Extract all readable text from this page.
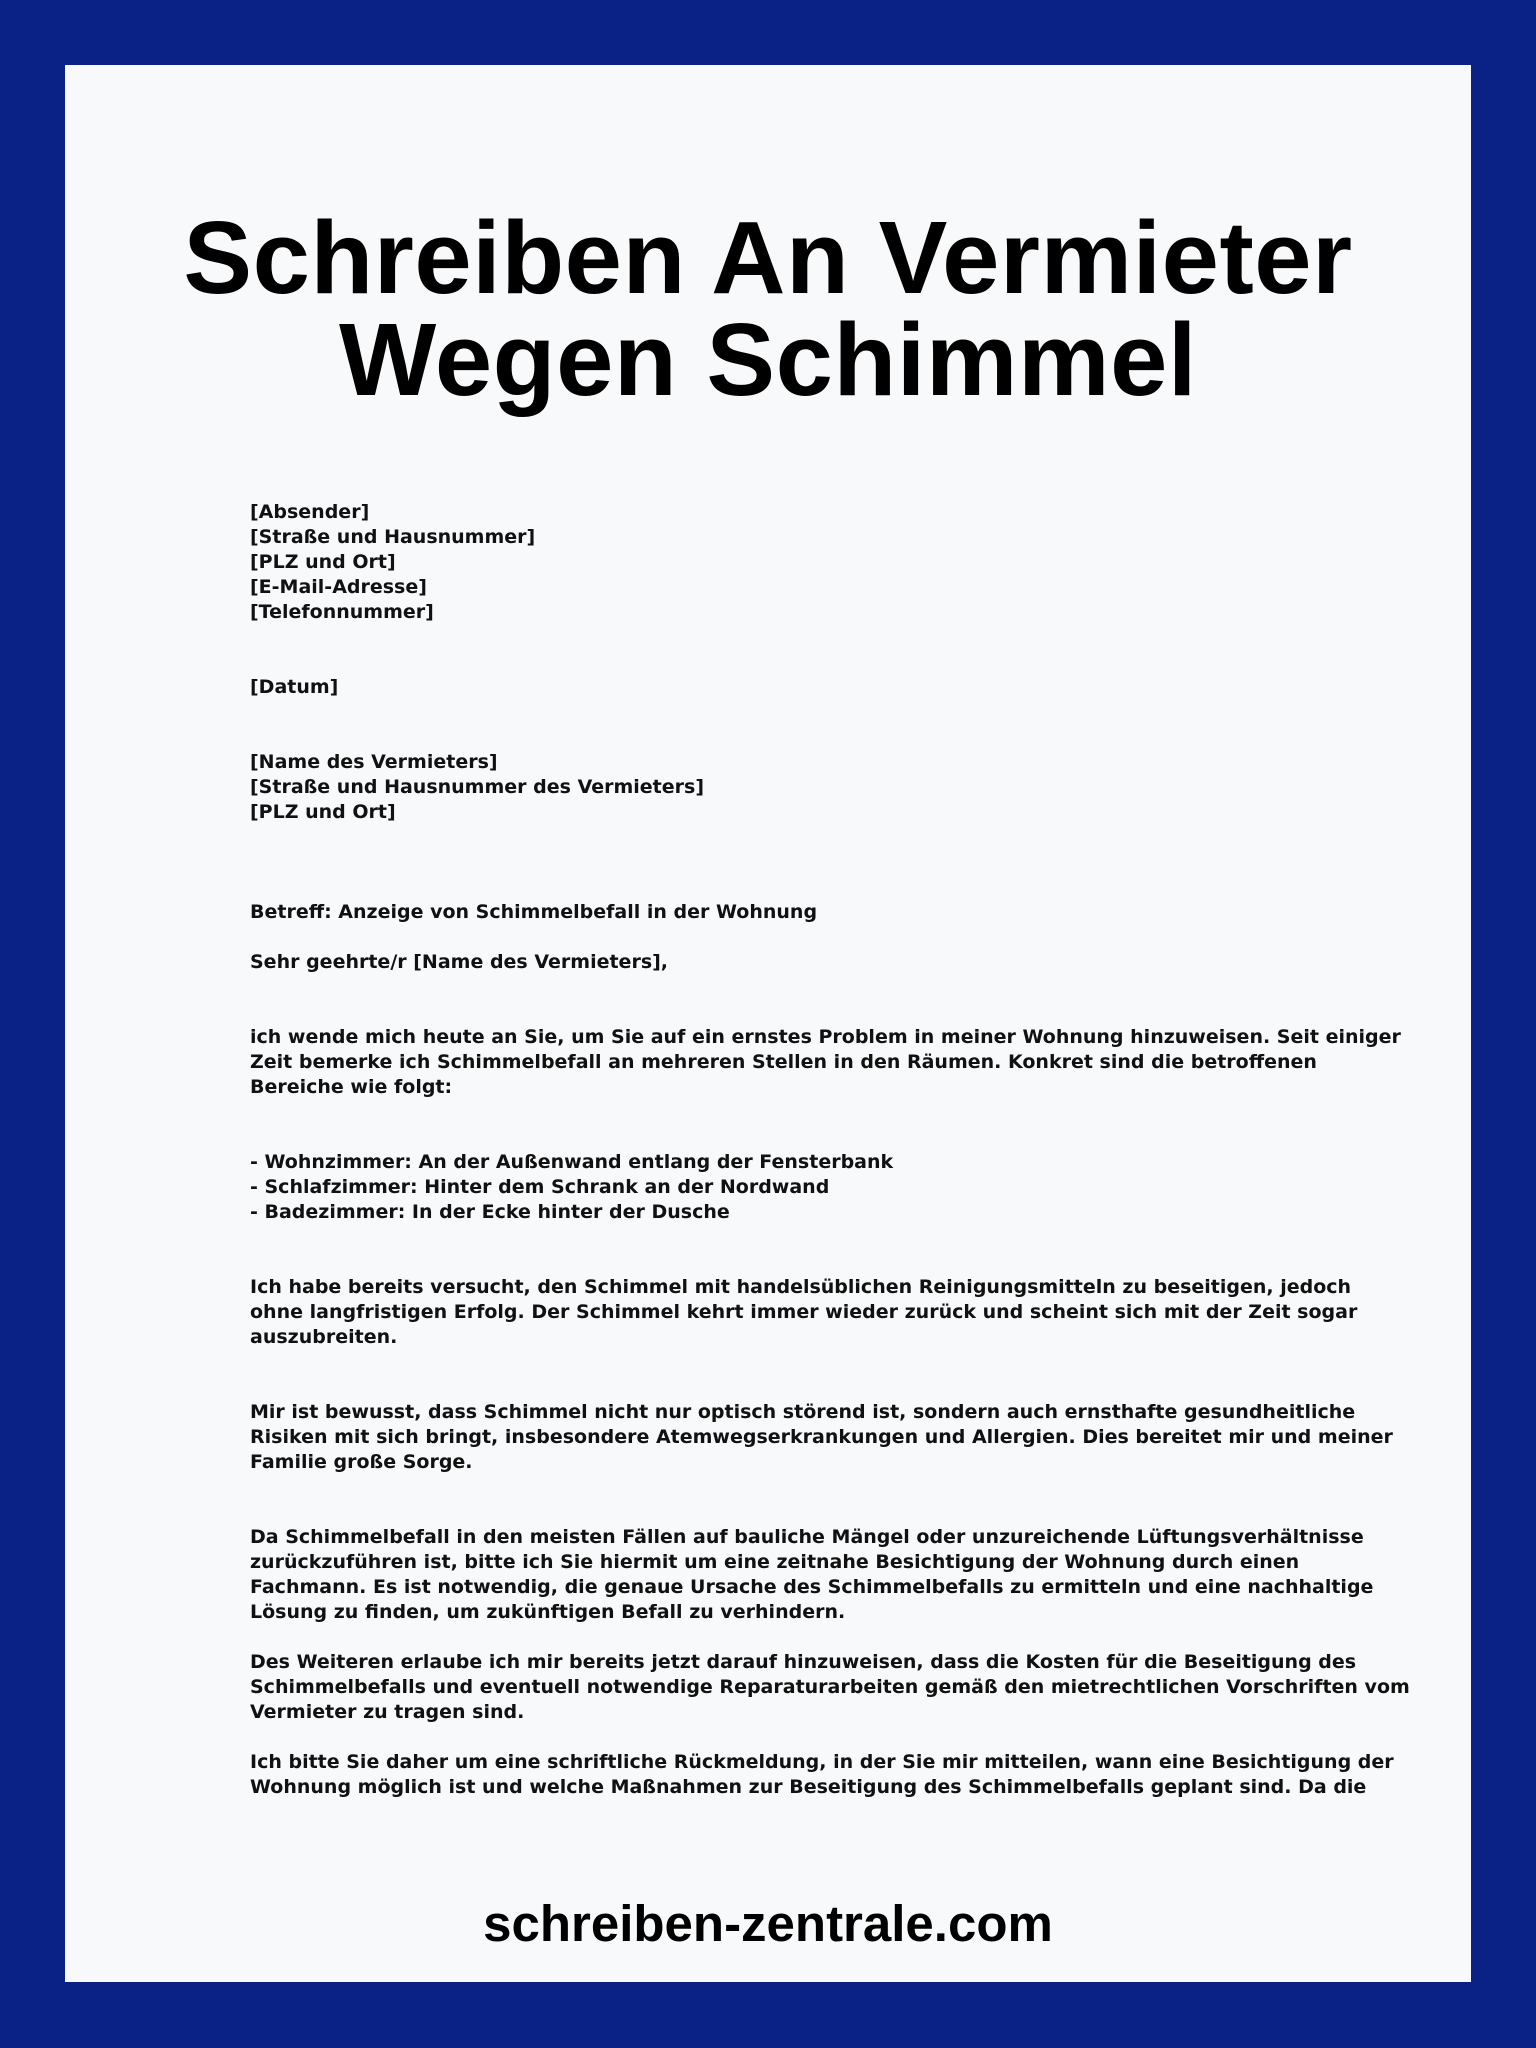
Schreiben An Vermieter
Wegen Schimmel
[Absender]
[Straße und Hausnummer]
[PLZ und Ort]
[E-Mail-Adresse]
[Telefonnummer]
[Datum]
[Name des Vermieters]
[Straße und Hausnummer des Vermieters]
[PLZ und Ort]
Betreff: Anzeige von Schimmelbefall in der Wohnung
Sehr geehrte/r [Name des Vermieters],
ich wende mich heute an Sie, um Sie auf ein ernstes Problem in meiner Wohnung hinzuweisen. Seit einiger
Zeit bemerke ich Schimmelbefall an mehreren Stellen in den Räumen. Konkret sind die betroffenen
Bereiche wie folgt:
- Wohnzimmer: An der Außenwand entlang der Fensterbank
- Schlafzimmer: Hinter dem Schrank an der Nordwand
- Badezimmer: In der Ecke hinter der Dusche
Ich habe bereits versucht, den Schimmel mit handelsüblichen Reinigungsmitteln zu beseitigen, jedoch
ohne langfristigen Erfolg. Der Schimmel kehrt immer wieder zurück und scheint sich mit der Zeit sogar
auszubreiten.
Mir ist bewusst, dass Schimmel nicht nur optisch störend ist, sondern auch ernsthafte gesundheitliche
Risiken mit sich bringt, insbesondere Atemwegserkrankungen und Allergien. Dies bereitet mir und meiner
Familie große Sorge.
Da Schimmelbefall in den meisten Fällen auf bauliche Mängel oder unzureichende Lüftungsverhältnisse
zurückzuführen ist, bitte ich Sie hiermit um eine zeitnahe Besichtigung der Wohnung durch einen
Fachmann. Es ist notwendig, die genaue Ursache des Schimmelbefalls zu ermitteln und eine nachhaltige
Lösung zu finden, um zukünftigen Befall zu verhindern.
Des Weiteren erlaube ich mir bereits jetzt darauf hinzuweisen, dass die Kosten für die Beseitigung des
Schimmelbefalls und eventuell notwendige Reparaturarbeiten gemäß den mietrechtlichen Vorschriften vom
Vermieter zu tragen sind.
Ich bitte Sie daher um eine schriftliche Rückmeldung, in der Sie mir mitteilen, wann eine Besichtigung der
Wohnung möglich ist und welche Maßnahmen zur Beseitigung des Schimmelbefalls geplant sind. Da die
schreiben-zentrale.com
